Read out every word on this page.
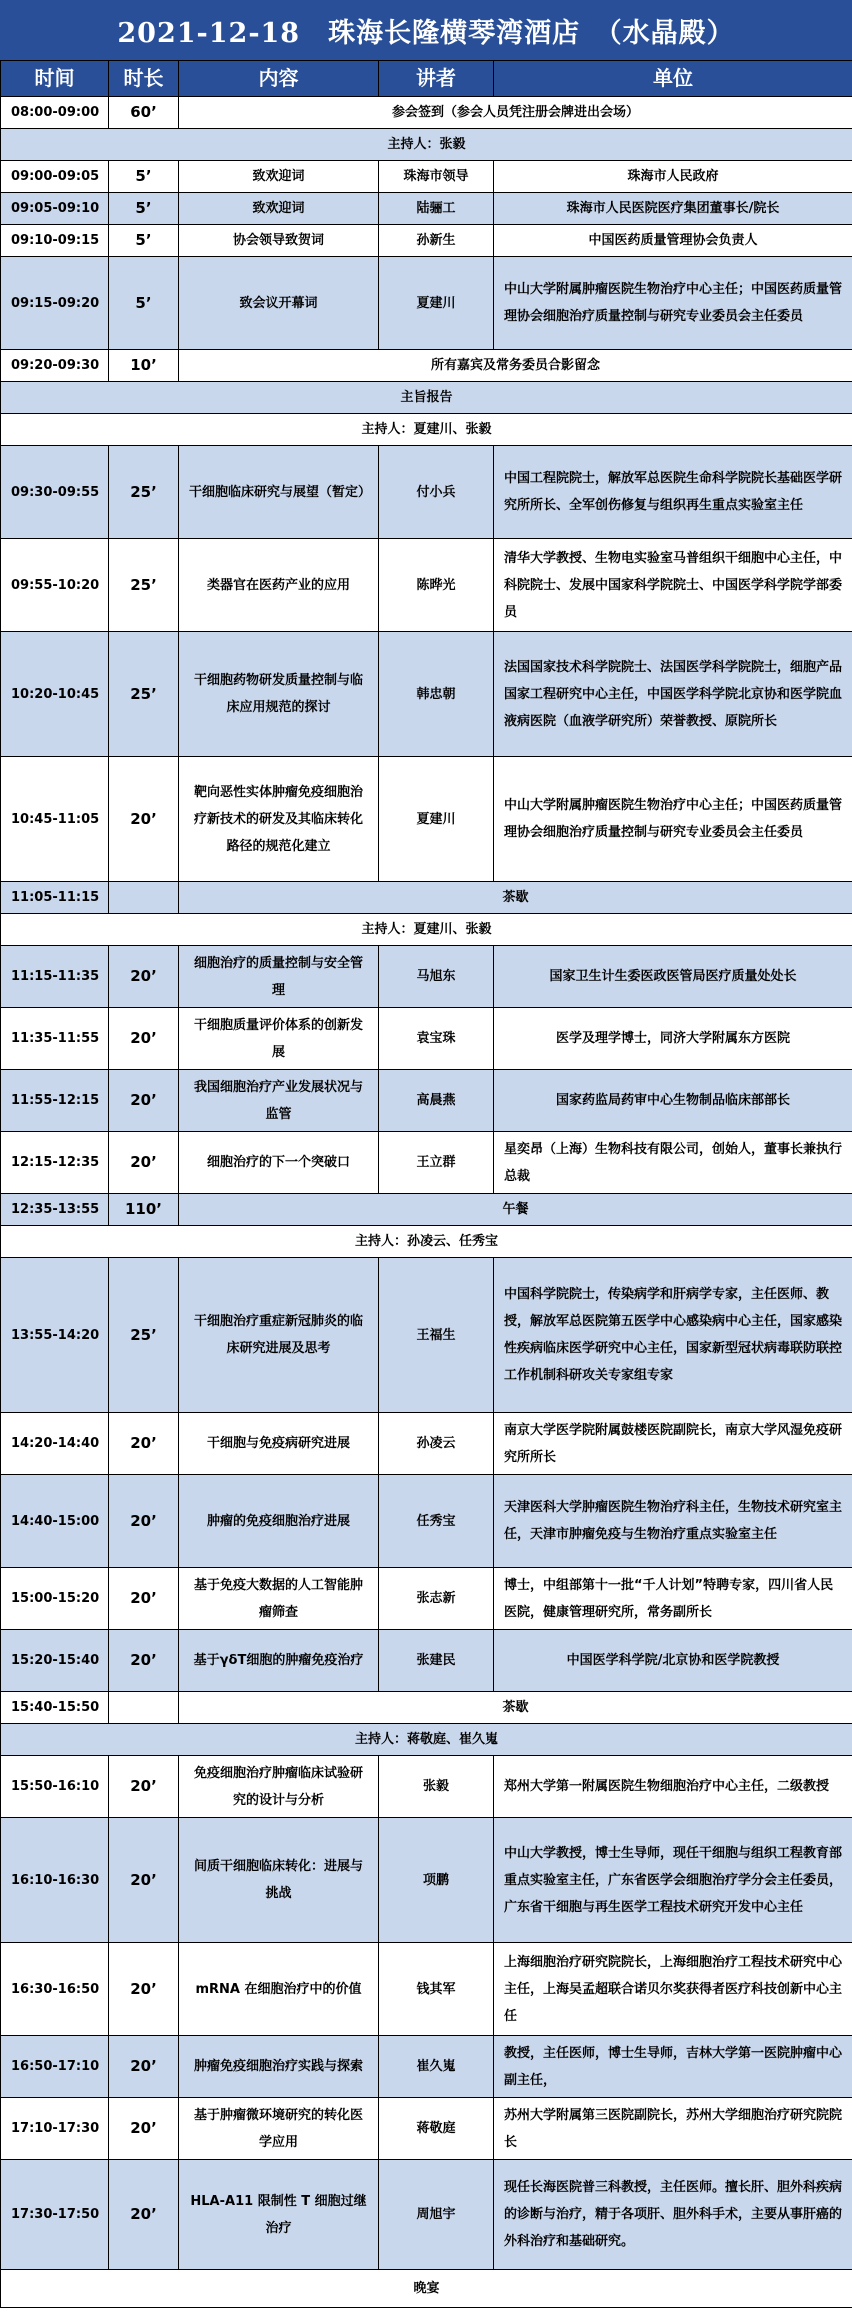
2021-12-18　珠海长隆横琴湾酒店　（水晶殿）
时间	时长	内容	讲者	单位
08:00-09:00	60’	参会签到（参会人员凭注册会牌进出会场）		
主持人：张毅				
09:00-09:05	5’	致欢迎词	珠海市领导	珠海市人民政府
09:05-09:10	5’	致欢迎词	陆骊工	珠海市人民医院医疗集团董事长/院长
09:10-09:15	5’	协会领导致贺词	孙新生	中国医药质量管理协会负责人
09:15-09:20	5’	致会议开幕词	夏建川	中山大学附属肿瘤医院生物治疗中心主任；中国医药质量管理协会细胞治疗质量控制与研究专业委员会主任委员
09:20-09:30	10’	所有嘉宾及常务委员合影留念		
主旨报告				
主持人：夏建川、张毅				
09:30-09:55	25’	干细胞临床研究与展望（暂定）	付小兵	中国工程院院士，解放军总医院生命科学院院长基础医学研究所所长、全军创伤修复与组织再生重点实验室主任
09:55-10:20	25’	类器官在医药产业的应用	陈晔光	清华大学教授、生物电实验室马普组织干细胞中心主任，中科院院士、发展中国家科学院院士、中国医学科学院学部委员
10:20-10:45	25’	干细胞药物研发质量控制与临床应用规范的探讨	韩忠朝	法国国家技术科学院院士、法国医学科学院院士，细胞产品国家工程研究中心主任，中国医学科学院北京协和医学院血液病医院（血液学研究所）荣誉教授、原院所长
10:45-11:05	20’	靶向恶性实体肿瘤免疫细胞治疗新技术的研发及其临床转化路径的规范化建立	夏建川	中山大学附属肿瘤医院生物治疗中心主任；中国医药质量管理协会细胞治疗质量控制与研究专业委员会主任委员
11:05-11:15		茶歇		
主持人：夏建川、张毅				
11:15-11:35	20’	细胞治疗的质量控制与安全管理	马旭东	国家卫生计生委医政医管局医疗质量处处长
11:35-11:55	20’	干细胞质量评价体系的创新发展	袁宝珠	医学及理学博士，同济大学附属东方医院
11:55-12:15	20’	我国细胞治疗产业发展状况与监管	高晨燕	国家药监局药审中心生物制品临床部部长
12:15-12:35	20’	细胞治疗的下一个突破口	王立群	星奕昂（上海）生物科技有限公司，创始人，董事长兼执行总裁
12:35-13:55	110’	午餐		
主持人：孙凌云、任秀宝				
13:55-14:20	25’	干细胞治疗重症新冠肺炎的临床研究进展及思考	王福生	中国科学院院士，传染病学和肝病学专家，主任医师、教授，解放军总医院第五医学中心感染病中心主任，国家感染性疾病临床医学研究中心主任，国家新型冠状病毒联防联控工作机制科研攻关专家组专家
14:20-14:40	20’	干细胞与免疫病研究进展	孙凌云	南京大学医学院附属鼓楼医院副院长，南京大学风湿免疫研究所所长
14:40-15:00	20’	肿瘤的免疫细胞治疗进展	任秀宝	天津医科大学肿瘤医院生物治疗科主任，生物技术研究室主任，天津市肿瘤免疫与生物治疗重点实验室主任
15:00-15:20	20’	基于免疫大数据的人工智能肿瘤筛查	张志新	博士，中组部第十一批“千人计划”特聘专家，四川省人民医院，健康管理研究所，常务副所长
15:20-15:40	20’	基于γδT细胞的肿瘤免疫治疗	张建民	中国医学科学院/北京协和医学院教授
15:40-15:50		茶歇		
主持人：蒋敬庭、崔久嵬				
15:50-16:10	20’	免疫细胞治疗肿瘤临床试验研究的设计与分析	张毅	郑州大学第一附属医院生物细胞治疗中心主任，二级教授
16:10-16:30	20’	间质干细胞临床转化：进展与挑战	项鹏	中山大学教授，博士生导师，现任干细胞与组织工程教育部重点实验室主任，广东省医学会细胞治疗学分会主任委员，广东省干细胞与再生医学工程技术研究开发中心主任
16:30-16:50	20’	mRNA 在细胞治疗中的价值	钱其军	上海细胞治疗研究院院长，上海细胞治疗工程技术研究中心主任，上海吴孟超联合诺贝尔奖获得者医疗科技创新中心主任
16:50-17:10	20’	肿瘤免疫细胞治疗实践与探索	崔久嵬	教授，主任医师，博士生导师，吉林大学第一医院肿瘤中心副主任，
17:10-17:30	20’	基于肿瘤微环境研究的转化医学应用	蒋敬庭	苏州大学附属第三医院副院长，苏州大学细胞治疗研究院院长
17:30-17:50	20’	HLA-A11 限制性 T 细胞过继治疗	周旭宇	现任长海医院普三科教授，主任医师。擅长肝、胆外科疾病的诊断与治疗，精于各项肝、胆外科手术，主要从事肝癌的外科治疗和基础研究。
晚宴				
